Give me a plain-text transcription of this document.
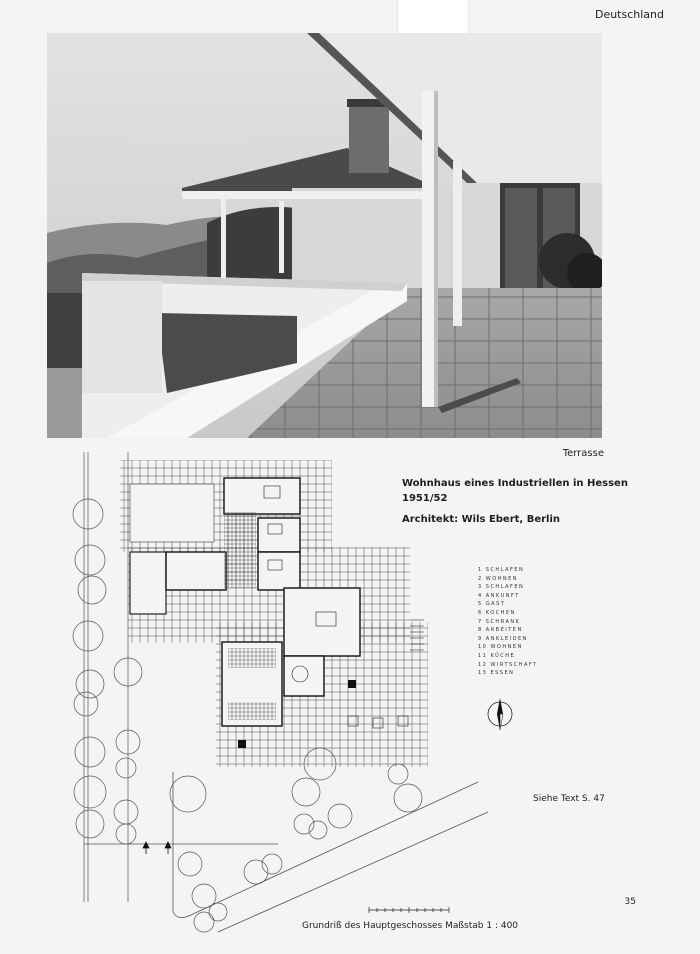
Deutschland
Terrasse
Wohnhaus eines Industriellen in Hessen
1951/52
Architekt: Wils Ebert, Berlin
1 SCHLAFEN
2 WOHNEN
3 SCHLAFEN
4 ANKUNFT
5 GAST
6 KOCHEN
7 SCHRANK
8 ARBEITEN
9 ANKLEIDEN
10 WOHNEN
11 KÜCHE
12 WIRTSCHAFT
13 ESSEN
Siehe Text S. 47
35
Grundriß des Hauptgeschosses Maßstab 1 : 400
